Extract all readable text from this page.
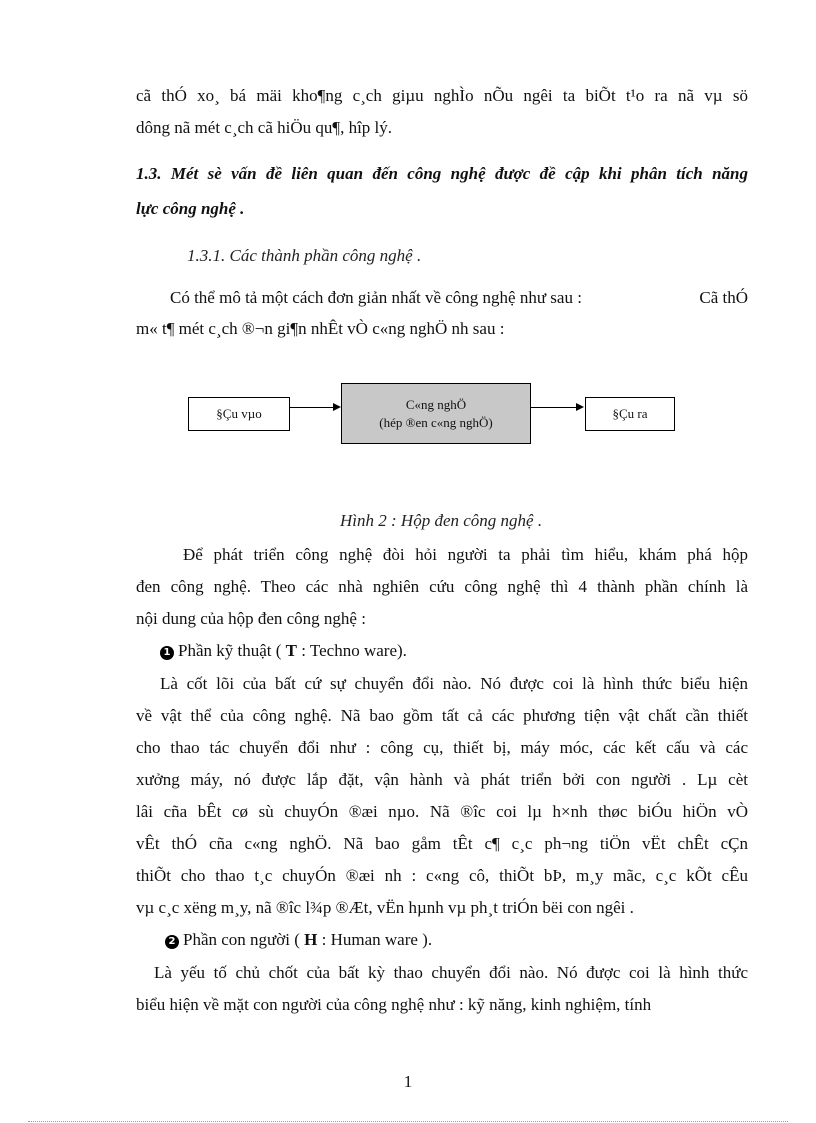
cã thÓ xo¸ bá mäi kho¶ng c¸ch giµu nghÌo nÕu ngêi ta biÕt t¹o ra nã vµ sö
dông nã mét c¸ch cã hiÖu qu¶, hîp lý.
1.3. Mét sè vấn đề liên quan đến công nghệ được đề cập khi phân tích năng
lực công nghệ .
1.3.1. Các thành phần công nghệ .
Có thể mô tả một cách đơn giản nhất về công nghệ như sau :	Cã thÓ
m« t¶ mét c¸ch ®¬n gi¶n nhÊt vÒ c«ng nghÖ nh sau :
§Çu vµo
C«ng nghÖ
(hép ®en c«ng nghÖ)
§Çu ra
Hình 2 : Hộp đen công nghệ .
Để phát triển công nghệ đòi hỏi người ta phải tìm hiểu, khám phá hộp
đen công nghệ. Theo các nhà nghiên cứu công nghệ thì 4 thành phần chính là
nội dung của hộp đen công nghệ :
1 Phần kỹ thuật ( T : Techno ware).
Là cốt lõi của bất cứ sự chuyển đổi nào. Nó được coi là hình thức biểu hiện
về vật thể của công nghệ. Nã bao gồm tất cả các phương tiện vật chất cần thiết
cho thao tác chuyển đổi như : công cụ, thiết bị, máy móc, các kết cấu và các
xưởng máy, nó được lắp đặt, vận hành và phát triển bởi con người . Lµ cèt
lâi cña bÊt cø sù chuyÓn ®æi nµo. Nã ®îc coi lµ h×nh thøc biÓu hiÖn vÒ
vÊt thÓ cña c«ng nghÖ. Nã bao gåm tÊt c¶ c¸c ph¬ng tiÖn vËt chÊt cÇn
thiÕt cho thao t¸c chuyÓn ®æi nh : c«ng cô, thiÕt bÞ, m¸y mãc, c¸c kÕt cÊu
vµ c¸c xëng m¸y, nã ®îc l¾p ®Æt, vËn hµnh vµ ph¸t triÓn bëi con ngêi .
2 Phần con người ( H : Human ware ).
Là yếu tố chủ chốt của bất kỳ thao chuyển đổi nào. Nó được coi là hình thức
biểu hiện về mặt con người của công nghệ như : kỹ năng, kinh nghiệm, tính
1
